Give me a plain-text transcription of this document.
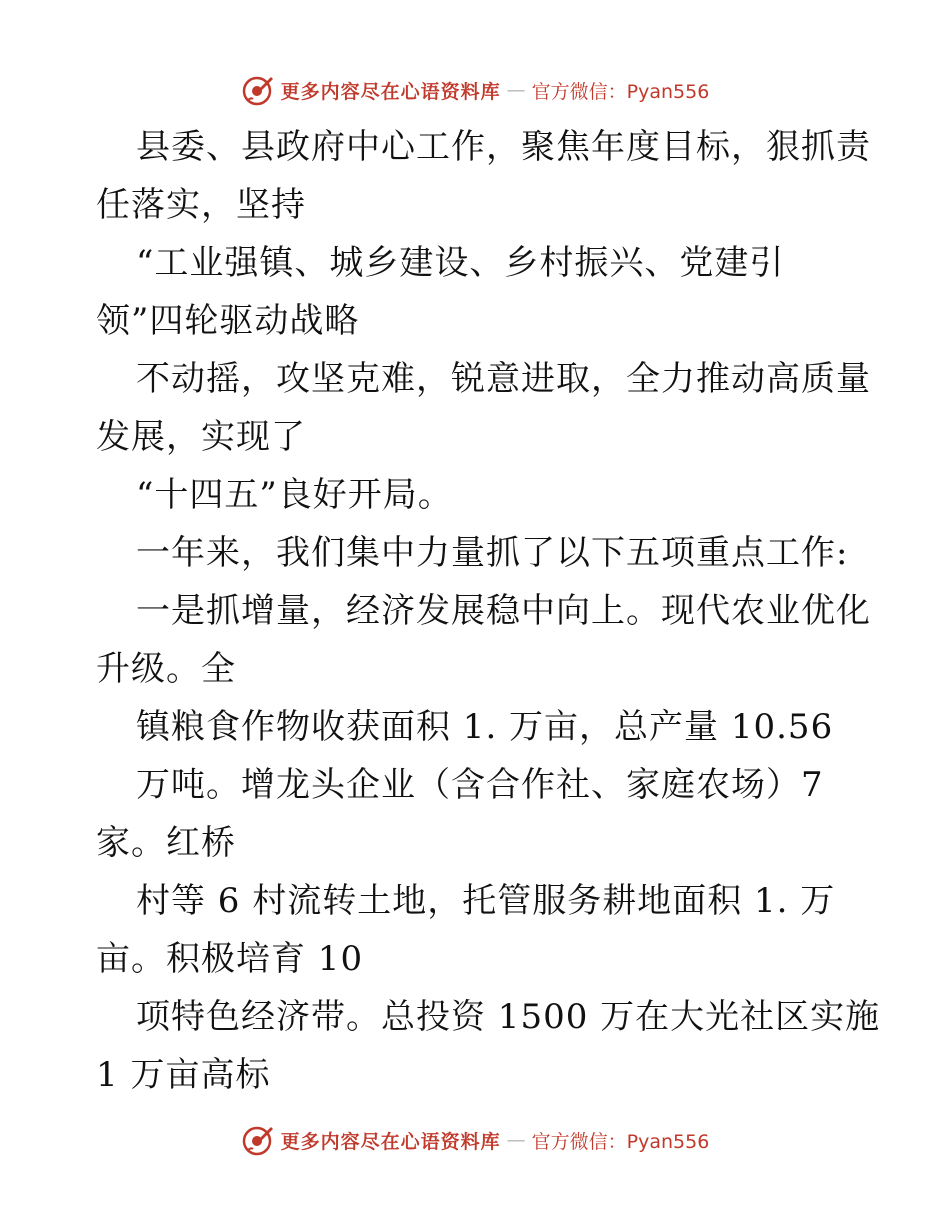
更多内容尽在心语资料库 — 官方微信：Pyan556
县委、县政府中心工作，聚焦年度目标，狠抓责
任落实，坚持
“工业强镇、城乡建设、乡村振兴、党建引
领”四轮驱动战略
不动摇，攻坚克难，锐意进取，全力推动高质量
发展，实现了
“十四五”良好开局。
一年来，我们集中力量抓了以下五项重点工作:
一是抓增量，经济发展稳中向上。现代农业优化
升级。全
镇粮食作物收获面积 1. 万亩，总产量 10.56
万吨。增龙头企业（含合作社、家庭农场）7
家。红桥
村等 6 村流转土地，托管服务耕地面积 1. 万
亩。积极培育 10
项特色经济带。总投资 1500 万在大光社区实施
1 万亩高标
更多内容尽在心语资料库 — 官方微信：Pyan556
